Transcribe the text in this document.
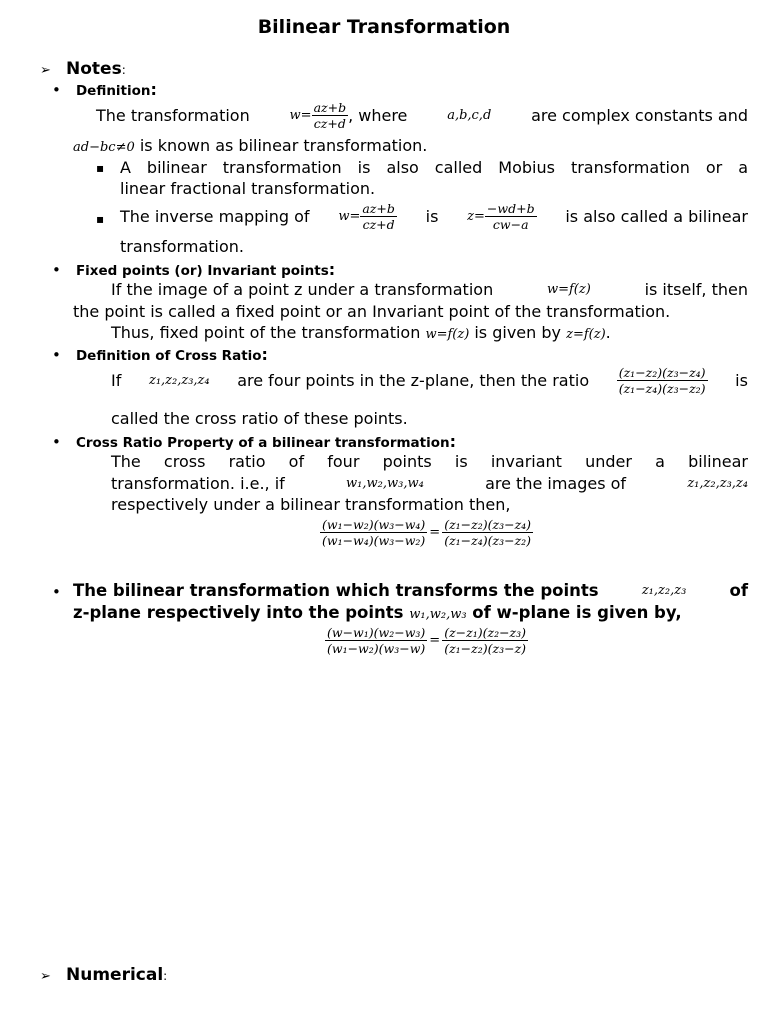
Bilinear Transformation
➢ Notes:
• Definition:
The transformation	$w= \frac{az+b}{cz+d}$ , where	a,b,c,d are complex constants and
ad−bc≠0 is known as bilinear transformation.
▪ A bilinear transformation is also called Mobius transformation or a
linear fractional transformation.
▪ The inverse mapping of $w= \frac{az+b}{cz+d}$ is $z= \frac{-wd+b}{cw-a}$ is also called a bilinear
transformation.
• Fixed points (or) Invariant points:
If the image of a point z under a transformation	w=f(z)	is itself, then
the point is called a fixed point or an Invariant point of the transformation.
Thus, fixed point of the transformation w=f(z) is given by z=f(z).
• Definition of Cross Ratio:
If z₁,z₂,z₃,z₄ are four points in the z-plane, then the ratio $\frac{\text{(z₁−z₂)(z₃−z₄)}}{\text{(z₁−z₄)(z₃−z₂)}}$ is
called the cross ratio of these points.
• Cross Ratio Property of a bilinear transformation:
The cross ratio of four points is invariant under a bilinear
transformation. i.e., if	w₁,w₂,w₃,w₄	are the images of	z₁,z₂,z₃,z₄
respectively under a bilinear transformation then,
$\frac{\text{(w₁−w₂)(w₃−w₄)}}{\text{(w₁−w₄)(w₃−w₂)}} = \frac{\text{(z₁−z₂)(z₃−z₄)}}{\text{(z₁−z₄)(z₃−z₂)}}$
• The bilinear transformation which transforms the points	z₁,z₂,z₃	of
z-plane respectively into the points w₁,w₂,w₃ of w-plane is given by,
$\frac{\text{(w−w₁)(w₂−w₃)}}{\text{(w₁−w₂)(w₃−w)}} = \frac{\text{(z−z₁)(z₂−z₃)}}{\text{(z₁−z₂)(z₃−z)}}$
➢ Numerical:
